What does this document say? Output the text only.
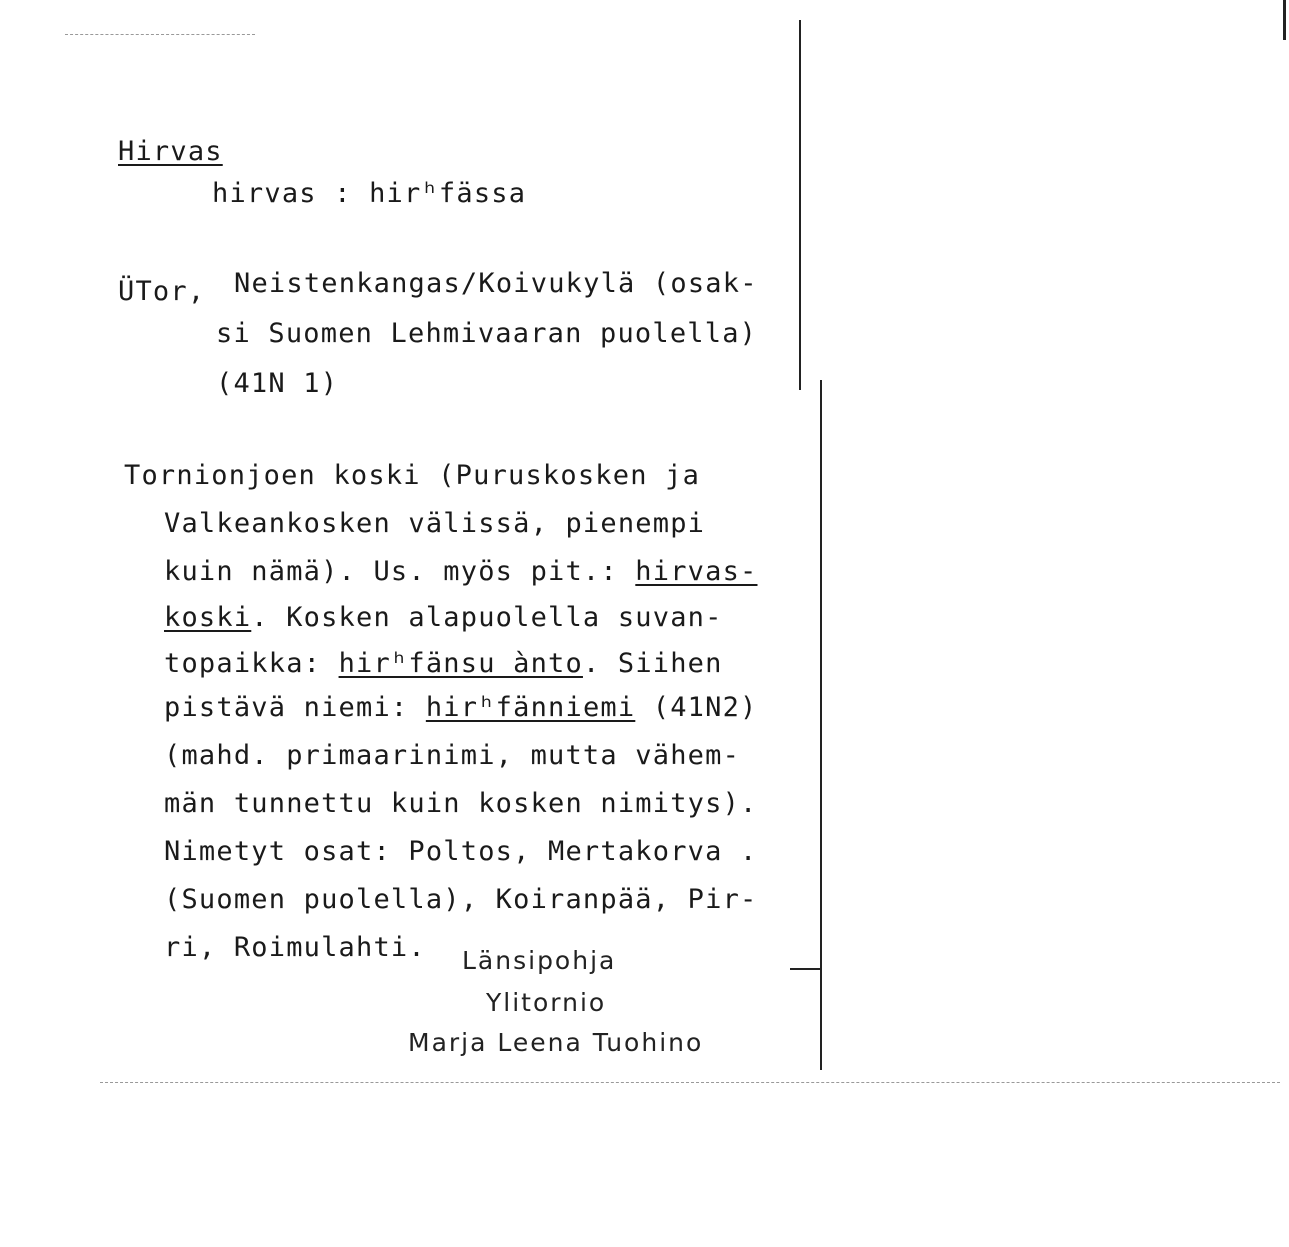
Hirvas
hirvas : hirʰfässa
ÜTor, Neistenkangas/Koivukylä (osak-
si Suomen Lehmivaaran puolella)
(41N 1)
Tornionjoen koski (Puruskosken ja
Valkeankosken välissä, pienempi
kuin nämä). Us. myös pit.: hirvas-
koski. Kosken alapuolella suvan-
topaikka: hirʰfänsu ànto. Siihen
pistävä niemi: hirʰfänniemi (41N2)
(mahd. primaarinimi, mutta vähem-
män tunnettu kuin kosken nimitys).
Nimetyt osat: Poltos, Mertakorva .
(Suomen puolella), Koiranpää, Pir-
ri, Roimulahti. Länsipohja
Ylitornio
Marja Leena Tuohino
